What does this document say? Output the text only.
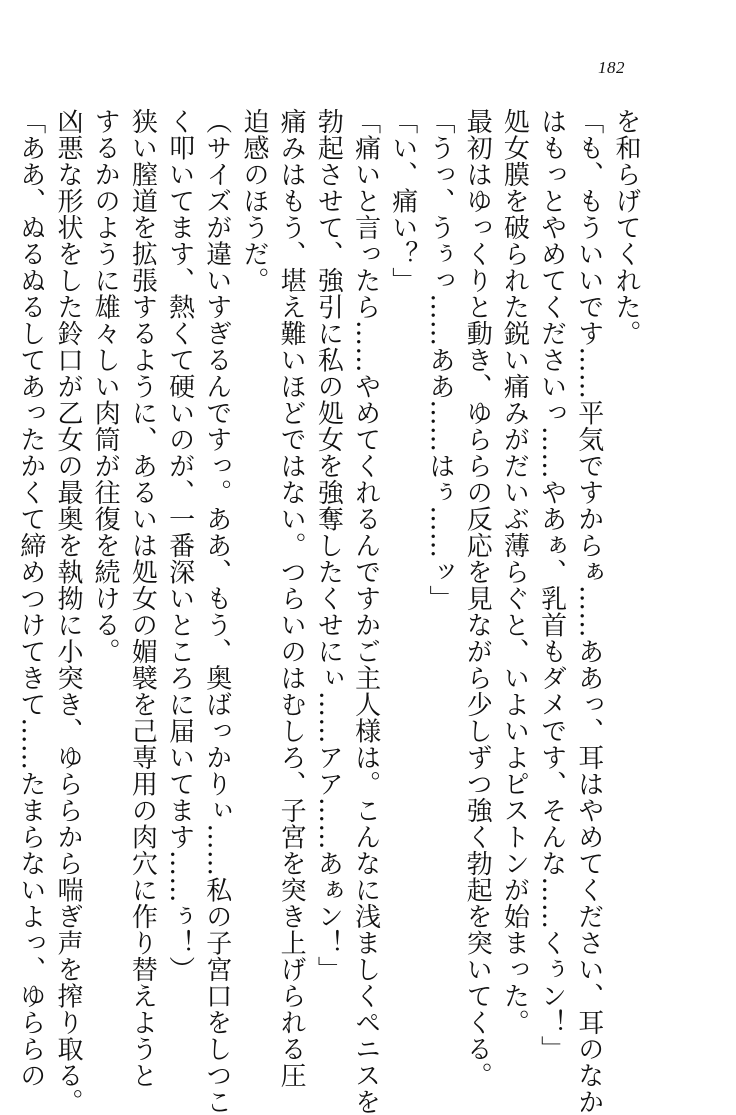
182
を和らげてくれた。
「も、もういいです……平気ですからぁ……ああっ、耳はやめてください、耳のなか
はもっとやめてくださいっ……やあぁ、乳首もダメです、そんな……くぅン！」
処女膜を破られた鋭い痛みがだいぶ薄らぐと、いよいよピストンが始まった。
最初はゆっくりと動き、ゆららの反応を見ながら少しずつ強く勃起を突いてくる。
「うっ、うぅっ……ああ……はぅ……ッ」
「い、痛い？」
「痛いと言ったら……やめてくれるんですかご主人様は。こんなに浅ましくペニスを
勃起させて、強引に私の処女を強奪したくせにぃ……アア……あぁン！」
痛みはもう、堪え難いほどではない。つらいのはむしろ、子宮を突き上げられる圧
迫感のほうだ。
（サイズが違いすぎるんですっ。ああ、もう、奥ばっかりぃ……私の子宮口をしつこ
く叩いてます、熱くて硬いのが、一番深いところに届いてます……ぅ！）
狭い膣道を拡張するように、あるいは処女の媚襞を己専用の肉穴に作り替えようと
するかのように雄々しい肉筒が往復を続ける。
凶悪な形状をした鈴口が乙女の最奥を執拗に小突き、ゆららから喘ぎ声を搾り取る。
「ああ、ぬるぬるしてあったかくて締めつけてきて……たまらないよっ、ゆららの
